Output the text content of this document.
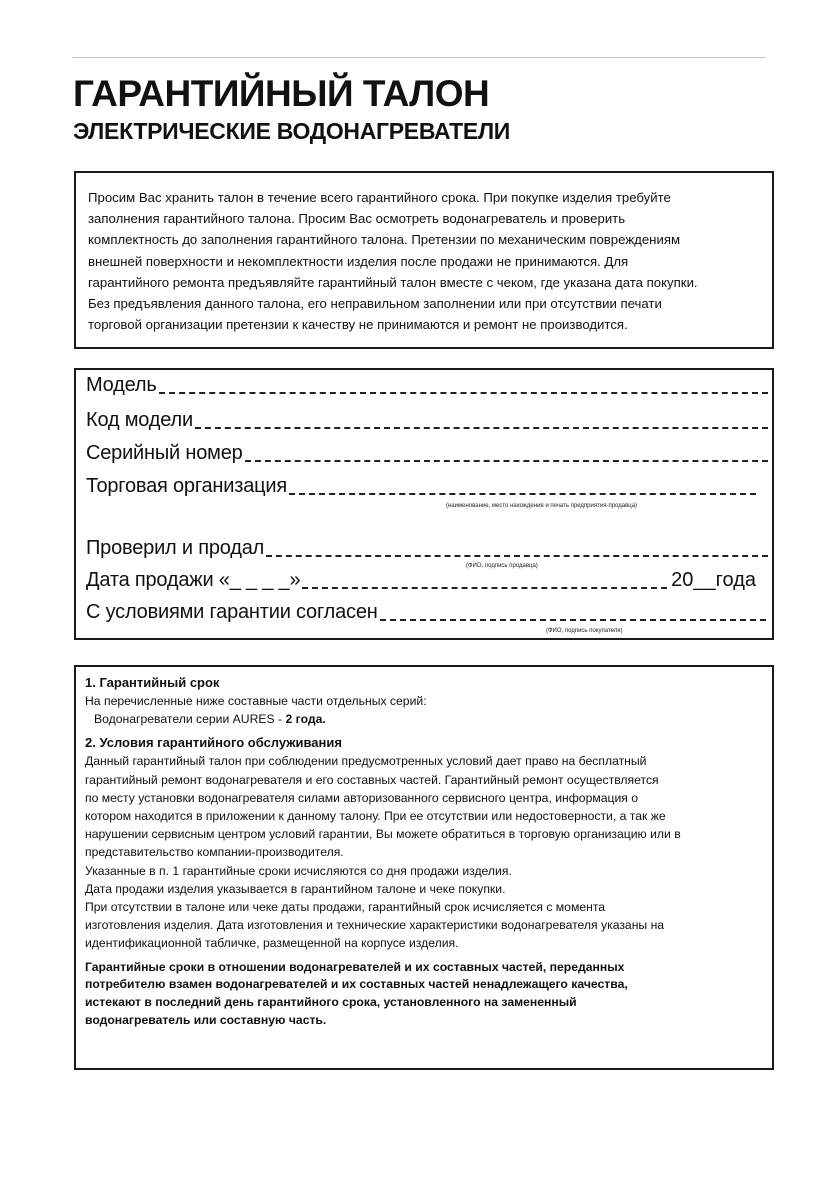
ГАРАНТИЙНЫЙ ТАЛОН
ЭЛЕКТРИЧЕСКИЕ ВОДОНАГРЕВАТЕЛИ

Просим Вас хранить талон в течение всего гарантийного срока. При покупке изделия требуйте

заполнения гарантийного талона. Просим Вас осмотреть водонагреватель и проверить

комплектность до заполнения гарантийного талона. Претензии по механическим повреждениям

внешней поверхности и некомплектности изделия после продажи не принимаются. Для

гарантийного ремонта предъявляйте гарантийный талон вместе с чеком, где указана дата покупки.

Без предъявления данного талона, его неправильном заполнении или при отсутствии печати

торговой организации претензии к качеству не принимаются и ремонт не производится.

Модель
Код модели
Серийный номер
Торговая организация
(наименование, место нахождения и печать предприятия-продавца)
Проверил и продал
(ФИО, подпись продавца)
Дата продажи «_ _ _ _»	20__года
С условиями гарантии согласен
(ФИО, подпись покупателя)
1. Гарантийный срок

На перечисленные ниже составные части отдельных серий:

Водонагреватели серии AURES - 2 года.

2. Условия гарантийного обслуживания

Данный гарантийный талон при соблюдении предусмотренных условий дает право на бесплатный

гарантийный ремонт водонагревателя и его составных частей. Гарантийный ремонт осуществляется

по месту установки водонагревателя силами авторизованного сервисного центра, информация о

котором находится в приложении к данному талону. При ее отсутствии или недостоверности, а так же

нарушении сервисным центром условий гарантии, Вы можете обратиться в торговую организацию или в

представительство компании-производителя.

Указанные в п. 1 гарантийные сроки исчисляются со дня продажи изделия.

Дата продажи изделия указывается в гарантийном талоне и чеке покупки.

При отсутствии в талоне или чеке даты продажи, гарантийный срок исчисляется с момента

изготовления изделия. Дата изготовления и технические характеристики водонагревателя указаны на

идентификационной табличке, размещенной на корпусе изделия.

Гарантийные сроки в отношении водонагревателей и их составных частей, переданных

потребителю взамен водонагревателей и их составных частей ненадлежащего качества,

истекают в последний день гарантийного срока, установленного на замененный

водонагреватель или составную часть.
